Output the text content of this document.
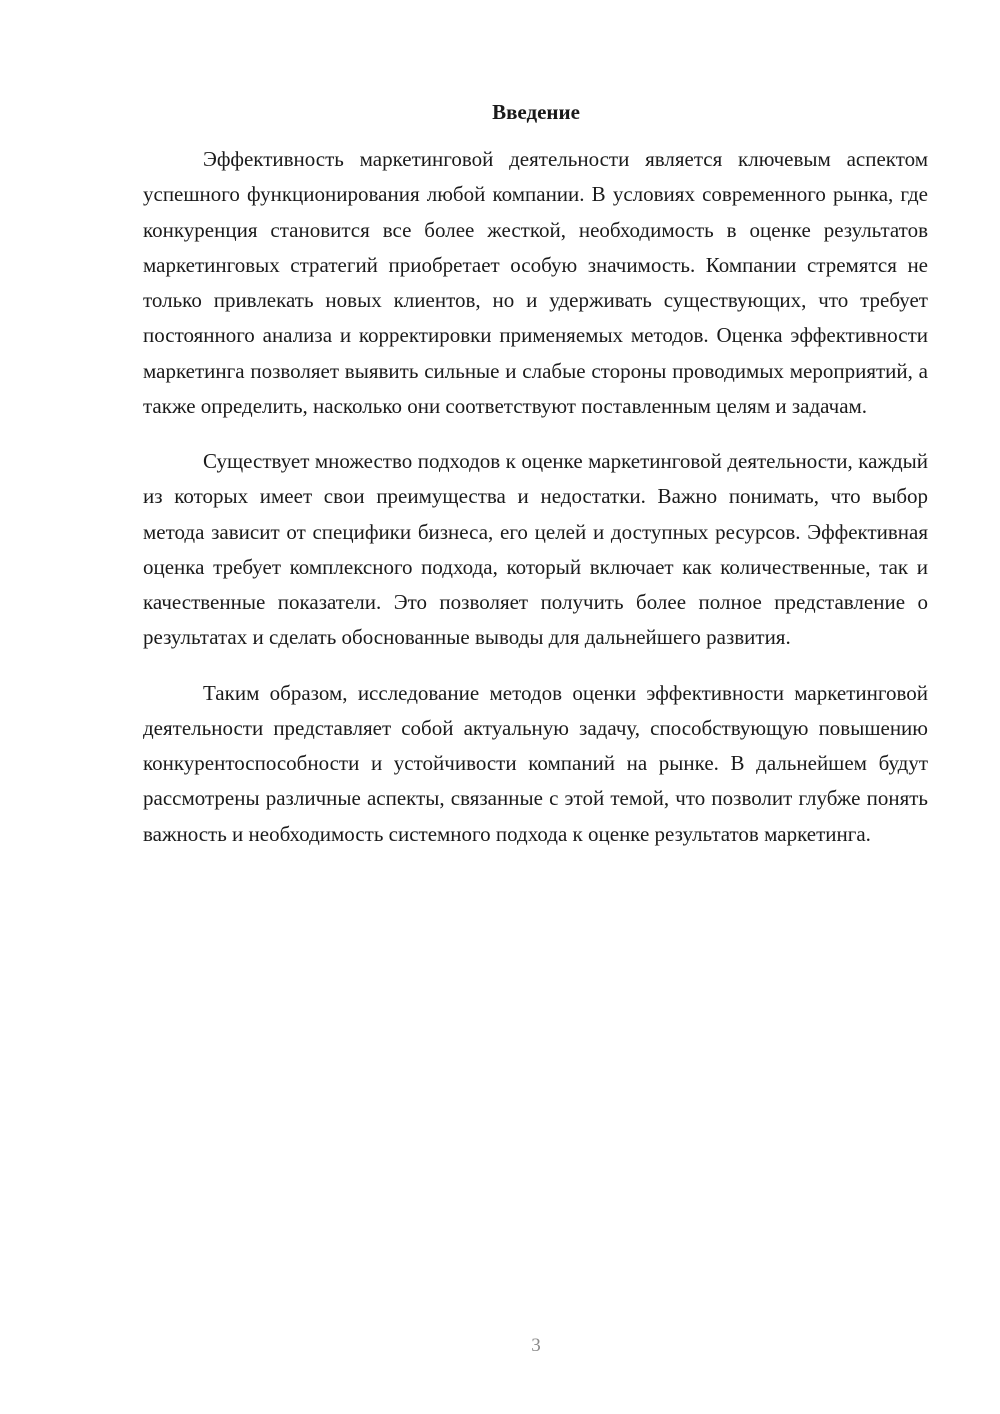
Введение

Эффективность маркетинговой деятельности является ключевым аспектом успешного функционирования любой компании. В условиях современного рынка, где конкуренция становится все более жесткой, необходимость в оценке результатов маркетинговых стратегий приобретает особую значимость. Компании стремятся не только привлекать новых клиентов, но и удерживать существующих, что требует постоянного анализа и корректировки применяемых методов. Оценка эффективности маркетинга позволяет выявить сильные и слабые стороны проводимых мероприятий, а также определить, насколько они соответствуют поставленным целям и задачам.

Существует множество подходов к оценке маркетинговой деятельности, каждый из которых имеет свои преимущества и недостатки. Важно понимать, что выбор метода зависит от специфики бизнеса, его целей и доступных ресурсов. Эффективная оценка требует комплексного подхода, который включает как количественные, так и качественные показатели. Это позволяет получить более полное представление о результатах и сделать обоснованные выводы для дальнейшего развития.

Таким образом, исследование методов оценки эффективности маркетинговой деятельности представляет собой актуальную задачу, способствующую повышению конкурентоспособности и устойчивости компаний на рынке. В дальнейшем будут рассмотрены различные аспекты, связанные с этой темой, что позволит глубже понять важность и необходимость системного подхода к оценке результатов маркетинга.

3
